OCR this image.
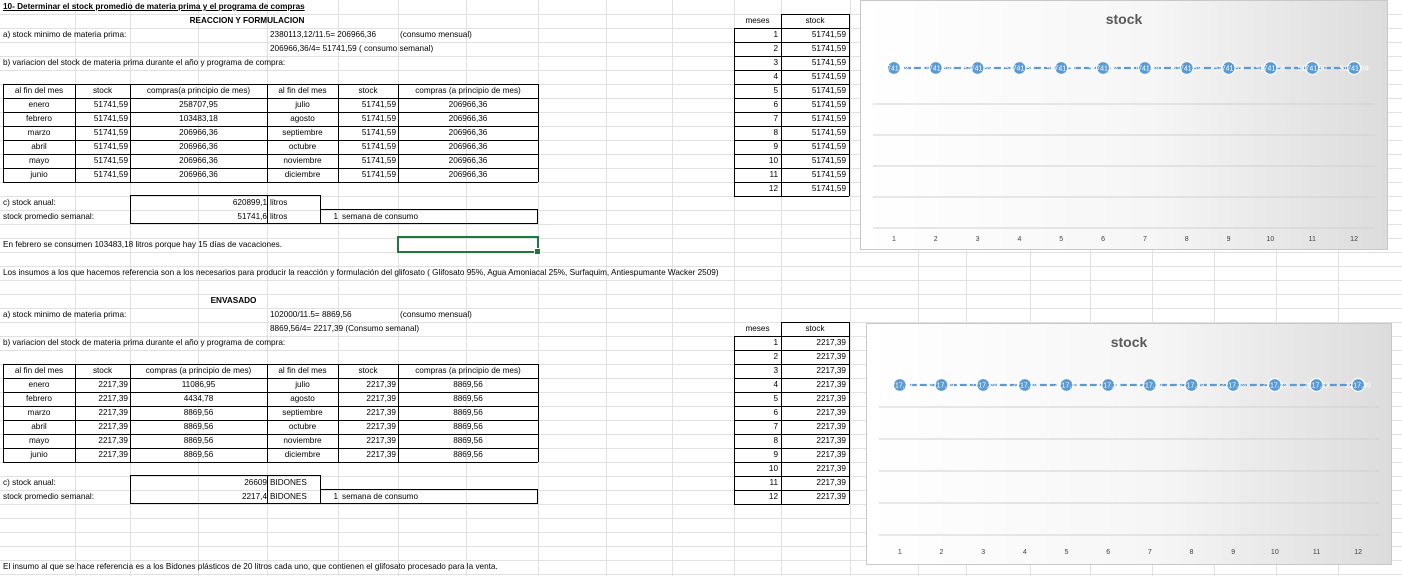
10- Determinar el stock promedio de materia prima y el programa de compras
REACCION Y FORMULACION
a) stock minimo de materia prima:	2380113,12/11.5= 206966,36	(consumo mensual)
206966,36/4= 51741,59 ( consumo semanal)
b) variacion del stock de materia prima durante el año y programa de compra:
al fin del mes	stock	compras(a principio de mes)	al fin del mes	stock	compras (a principio de mes)
enero	51741,59	258707,95	julio	51741,59	206966,36
febrero	51741,59	103483,18	agosto	51741,59	206966,36
marzo	51741,59	206966,36	septiembre	51741,59	206966,36
abril	51741,59	206966,36	octubre	51741,59	206966,36
mayo	51741,59	206966,36	noviembre	51741,59	206966,36
junio	51741,59	206966,36	diciembre	51741,59	206966,36
c) stock anual:	620899,1 litros
stock promedio semanal:	51741,6 litros	1 semana de consumo
En febrero se consumen 103483,18 litros porque hay 15 días de vacaciones.
Los insumos a los que hacemos referencia son a los necesarios para producir la reacción y formulación del glifosato ( Glifosato 95%, Agua Amoniacal 25%, Surfaquim, Antiespumante Wacker 2509)
meses	stock
1	51741,59
2	51741,59
3	51741,59
4	51741,59
5	51741,59
6	51741,59
7	51741,59
8	51741,59
9	51741,59
10	51741,59
11	51741,59
12	51741,59
stock
51741,59
1
51741,59
2
51741,59
3
51741,59
4
51741,59
5
51741,59
6
51741,59
7
51741,59
8
51741,59
9
51741,59
10
51741,59
11
51741,59
12
ENVASADO
a) stock minimo de materia prima:	102000/11.5= 8869,56	(consumo mensual)
8869,56/4= 2217,39 (Consumo semanal)
b) variacion del stock de materia prima durante el año y programa de compra:
al fin del mes	stock	compras (a principio de mes)	al fin del mes	stock	compras (a principio de mes)
enero	2217,39	11086,95	julio	2217,39	8869,56
febrero	2217,39	4434,78	agosto	2217,39	8869,56
marzo	2217,39	8869,56	septiembre	2217,39	8869,56
abril	2217,39	8869,56	octubre	2217,39	8869,56
mayo	2217,39	8869,56	noviembre	2217,39	8869,56
junio	2217,39	8869,56	diciembre	2217,39	8869,56
c) stock anual:	26609 BIDONES
stock promedio semanal:	2217,4 BIDONES	1 semana de consumo
El insumo al que se hace referencia es a los Bidones plásticos de 20 litros cada uno, que contienen el glifosato procesado para la venta.
meses	stock
1	2217,39
2	2217,39
3	2217,39
4	2217,39
5	2217,39
6	2217,39
7	2217,39
8	2217,39
9	2217,39
10	2217,39
11	2217,39
12	2217,39
stock
2217,39
1
2217,39
2
2217,39
3
2217,39
4
2217,39
5
2217,39
6
2217,39
7
2217,39
8
2217,39
9
2217,39
10
2217,39
11
2217,39
12
